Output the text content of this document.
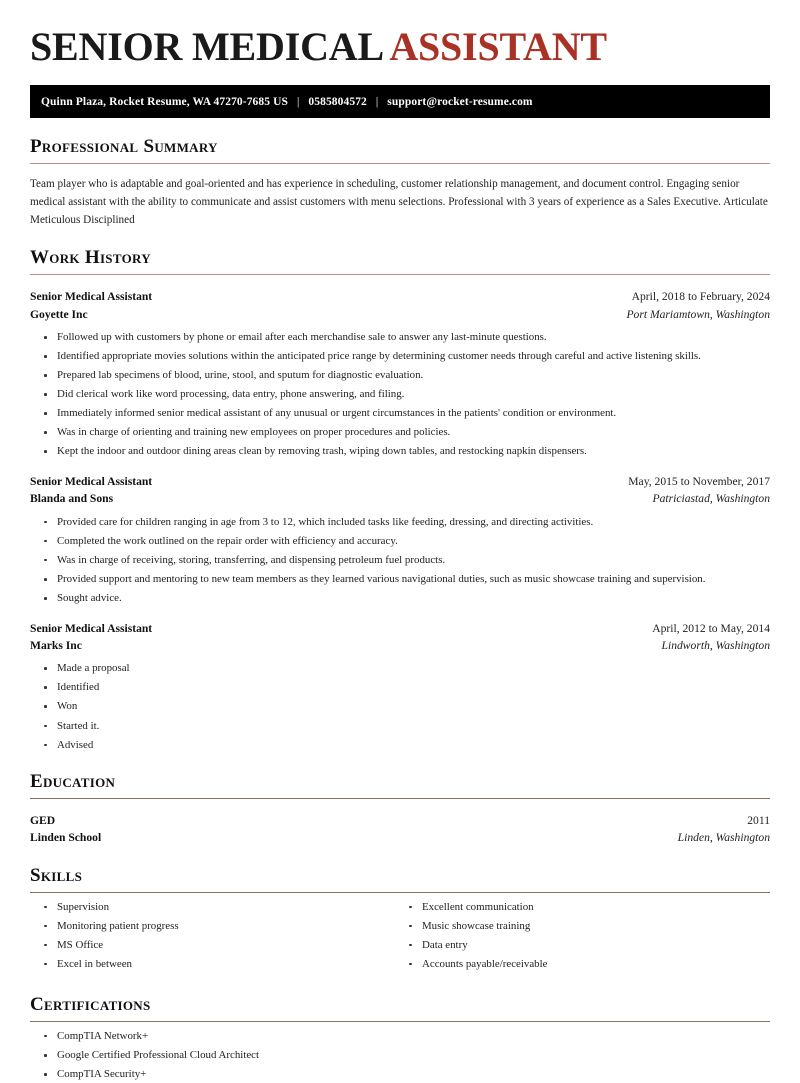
SENIOR MEDICAL ASSISTANT
Quinn Plaza, Rocket Resume, WA 47270-7685 US | 0585804572 | support@rocket-resume.com
Professional Summary
Team player who is adaptable and goal-oriented and has experience in scheduling, customer relationship management, and document control. Engaging senior medical assistant with the ability to communicate and assist customers with menu selections. Professional with 3 years of experience as a Sales Executive. Articulate Meticulous Disciplined
Work History
Senior Medical Assistant	April, 2018 to February, 2024
Goyette Inc	Port Mariamtown, Washington
Followed up with customers by phone or email after each merchandise sale to answer any last-minute questions.
Identified appropriate movies solutions within the anticipated price range by determining customer needs through careful and active listening skills.
Prepared lab specimens of blood, urine, stool, and sputum for diagnostic evaluation.
Did clerical work like word processing, data entry, phone answering, and filing.
Immediately informed senior medical assistant of any unusual or urgent circumstances in the patients' condition or environment.
Was in charge of orienting and training new employees on proper procedures and policies.
Kept the indoor and outdoor dining areas clean by removing trash, wiping down tables, and restocking napkin dispensers.
Senior Medical Assistant	May, 2015 to November, 2017
Blanda and Sons	Patriciastad, Washington
Provided care for children ranging in age from 3 to 12, which included tasks like feeding, dressing, and directing activities.
Completed the work outlined on the repair order with efficiency and accuracy.
Was in charge of receiving, storing, transferring, and dispensing petroleum fuel products.
Provided support and mentoring to new team members as they learned various navigational duties, such as music showcase training and supervision.
Sought advice.
Senior Medical Assistant	April, 2012 to May, 2014
Marks Inc	Lindworth, Washington
Made a proposal
Identified
Won
Started it.
Advised
Education
GED	2011
Linden School	Linden, Washington
Skills
Supervision
Monitoring patient progress
MS Office
Excel in between
Excellent communication
Music showcase training
Data entry
Accounts payable/receivable
Certifications
CompTIA Network+
Google Certified Professional Cloud Architect
CompTIA Security+
